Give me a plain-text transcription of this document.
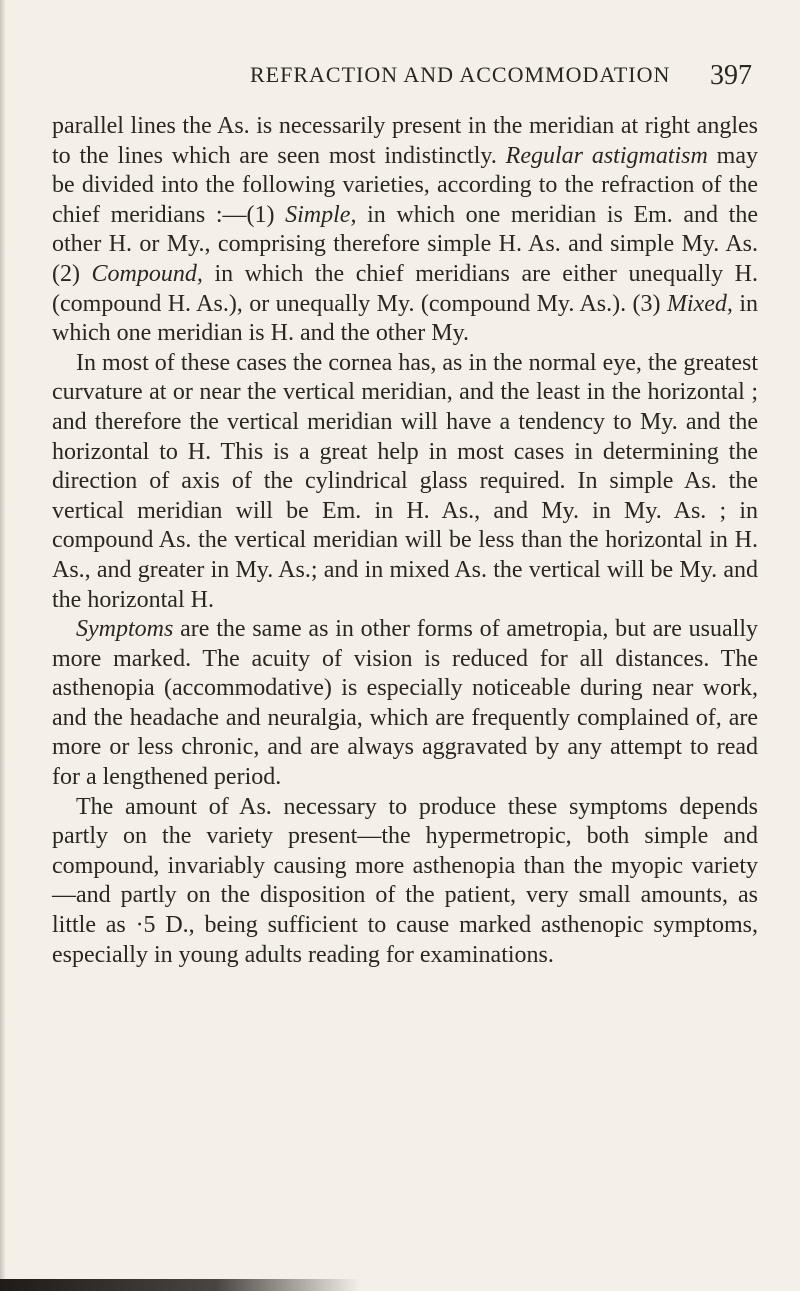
REFRACTION AND ACCOMMODATION 397

parallel lines the As. is necessarily present in the meridian at right angles to the lines which are seen most indistinctly. Regular astigmatism may be divided into the following varieties, according to the refraction of the chief meridians :—(1) Simple, in which one meridian is Em. and the other H. or My., comprising therefore simple H. As. and simple My. As. (2) Compound, in which the chief meridians are either unequally H. (compound H. As.), or unequally My. (compound My. As.). (3) Mixed, in which one meridian is H. and the other My.

In most of these cases the cornea has, as in the normal eye, the greatest curvature at or near the vertical meridian, and the least in the horizontal ; and therefore the vertical meridian will have a tendency to My. and the horizontal to H. This is a great help in most cases in determining the direction of axis of the cylindrical glass required. In simple As. the vertical meridian will be Em. in H. As., and My. in My. As. ; in compound As. the vertical meridian will be less than the horizontal in H. As., and greater in My. As.; and in mixed As. the vertical will be My. and the horizontal H.

Symptoms are the same as in other forms of ametropia, but are usually more marked. The acuity of vision is reduced for all distances. The asthenopia (accommodative) is especially noticeable during near work, and the headache and neuralgia, which are frequently complained of, are more or less chronic, and are always aggravated by any attempt to read for a lengthened period.

The amount of As. necessary to produce these symptoms depends partly on the variety present—the hypermetropic, both simple and compound, invariably causing more asthenopia than the myopic variety—and partly on the disposition of the patient, very small amounts, as little as ·5 D., being sufficient to cause marked asthenopic symptoms, especially in young adults reading for examinations.
